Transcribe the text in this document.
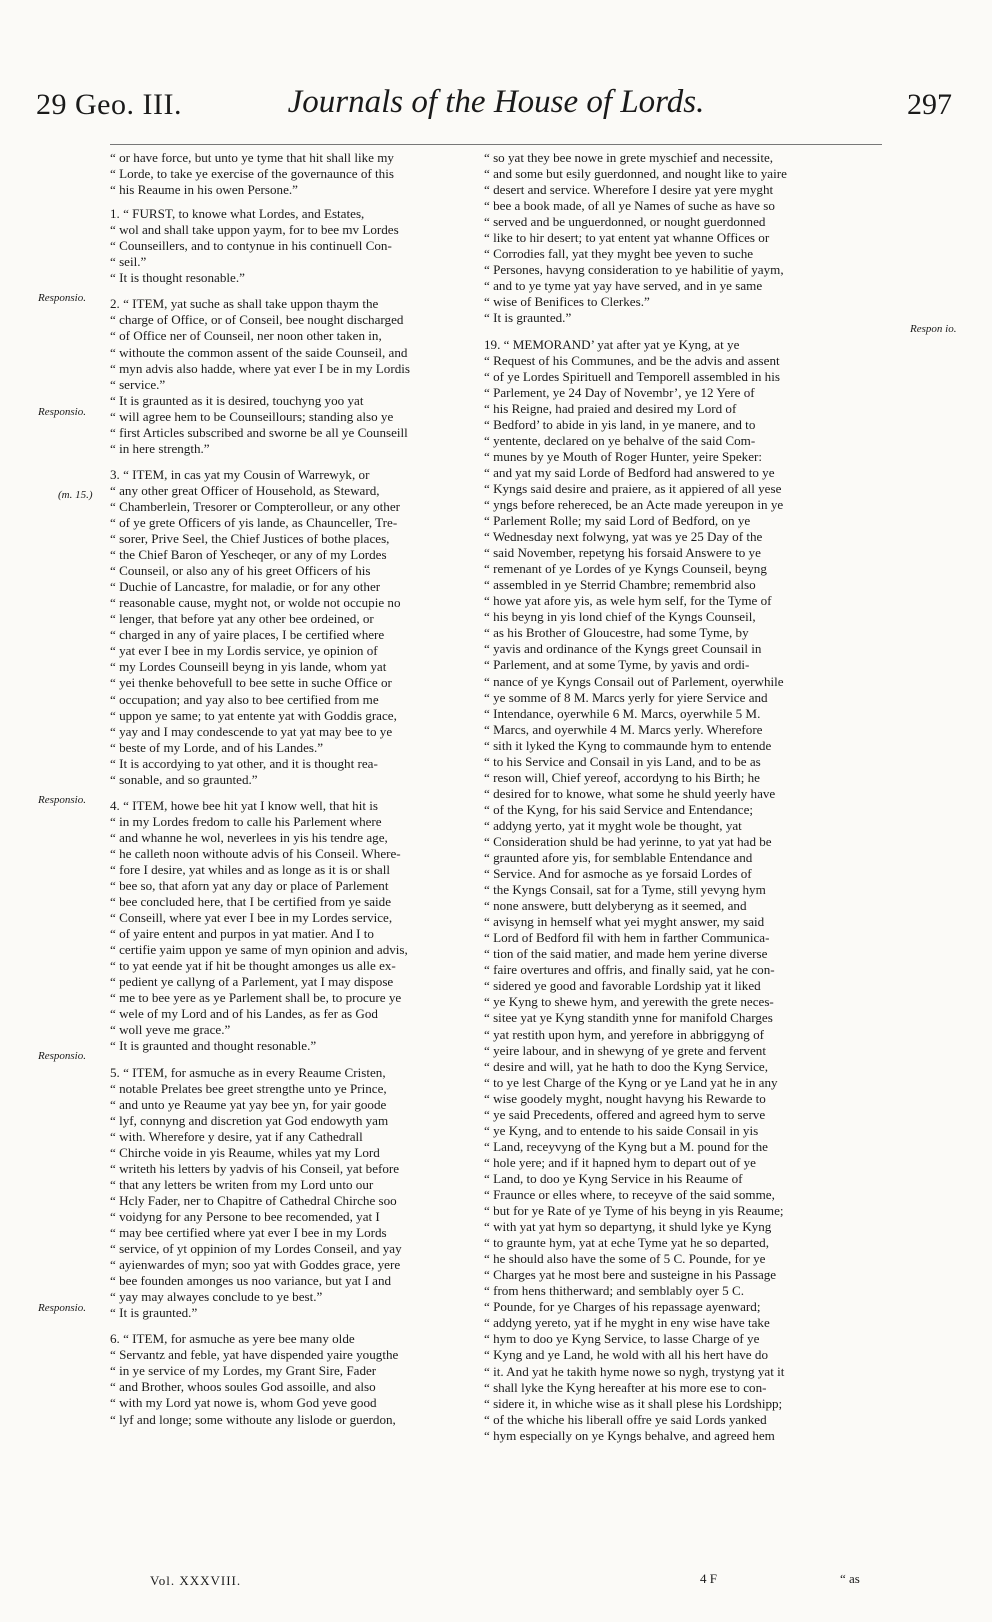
29 Geo. III.	Journals of the House of Lords.	297
Responsio.
Responsio.
(m. 15.)
Responsio.
Responsio.
Responsio.
Respon io.

“ or have force, but unto ye tyme that hit shall like my
“ Lorde, to take ye exercise of the governaunce of this
“ his Reaume in his owen Persone.”

1. “ FURST, to knowe what Lordes, and Estates,
“ wol and shall take uppon yaym, for to bee mv Lordes
“ Counseillers, and to contynue in his continuell Con-
“ seil.”
“ It is thought resonable.”

2. “ ITEM, yat suche as shall take uppon thaym the
“ charge of Office, or of Conseil, bee nought discharged
“ of Office ner of Counseil, ner noon other taken in,
“ withoute the common assent of the saide Counseil, and
“ myn advis also hadde, where yat ever I be in my Lordis
“ service.”
“ It is graunted as it is desired, touchyng yoo yat
“ will agree hem to be Counseillours; standing also ye
“ first Articles subscribed and sworne be all ye Counseill
“ in here strength.”

3. “ ITEM, in cas yat my Cousin of Warrewyk, or
“ any other great Officer of Household, as Steward,
“ Chamberlein, Tresorer or Compterolleur, or any other
“ of ye grete Officers of yis lande, as Chaunceller, Tre-
“ sorer, Prive Seel, the Chief Justices of bothe places,
“ the Chief Baron of Yescheqer, or any of my Lordes
“ Counseil, or also any of his greet Officers of his
“ Duchie of Lancastre, for maladie, or for any other
“ reasonable cause, myght not, or wolde not occupie no
“ lenger, that before yat any other bee ordeined, or
“ charged in any of yaire places, I be certified where
“ yat ever I bee in my Lordis service, ye opinion of
“ my Lordes Counseill beyng in yis lande, whom yat
“ yei thenke behovefull to bee sette in suche Office or
“ occupation; and yay also to bee certified from me
“ uppon ye same; to yat entente yat with Goddis grace,
“ yay and I may condescende to yat yat may bee to ye
“ beste of my Lorde, and of his Landes.”
“ It is accordying to yat other, and it is thought rea-
“ sonable, and so graunted.”

4. “ ITEM, howe bee hit yat I know well, that hit is
“ in my Lordes fredom to calle his Parlement where
“ and whanne he wol, neverlees in yis his tendre age,
“ he calleth noon withoute advis of his Conseil. Where-
“ fore I desire, yat whiles and as longe as it is or shall
“ bee so, that aforn yat any day or place of Parlement
“ bee concluded here, that I be certified from ye saide
“ Conseill, where yat ever I bee in my Lordes service,
“ of yaire entent and purpos in yat matier. And I to
“ certifie yaim uppon ye same of myn opinion and advis,
“ to yat eende yat if hit be thought amonges us alle ex-
“ pedient ye callyng of a Parlement, yat I may dispose
“ me to bee yere as ye Parlement shall be, to procure ye
“ wele of my Lord and of his Landes, as fer as God
“ woll yeve me grace.”
“ It is graunted and thought resonable.”

5. “ ITEM, for asmuche as in every Reaume Cristen,
“ notable Prelates bee greet strengthe unto ye Prince,
“ and unto ye Reaume yat yay bee yn, for yair goode
“ lyf, connyng and discretion yat God endowyth yam
“ with. Wherefore y desire, yat if any Cathedrall
“ Chirche voide in yis Reaume, whiles yat my Lord
“ writeth his letters by yadvis of his Conseil, yat before
“ that any letters be writen from my Lord unto our
“ Hcly Fader, ner to Chapitre of Cathedral Chirche soo
“ voidyng for any Persone to bee recomended, yat I
“ may bee certified where yat ever I bee in my Lords
“ service, of yt oppinion of my Lordes Conseil, and yay
“ ayienwardes of myn; soo yat with Goddes grace, yere
“ bee founden amonges us noo variance, but yat I and
“ yay may alwayes conclude to ye best.”
“ It is graunted.”

6. “ ITEM, for asmuche as yere bee many olde
“ Servantz and feble, yat have dispended yaire yougthe
“ in ye service of my Lordes, my Grant Sire, Fader
“ and Brother, whoos soules God assoille, and also
“ with my Lord yat nowe is, whom God yeve good
“ lyf and longe; some withoute any lislode or guerdon,

“ so yat they bee nowe in grete myschief and necessite,
“ and some but esily guerdonned, and nought like to yaire
“ desert and service. Wherefore I desire yat yere myght
“ bee a book made, of all ye Names of suche as have so
“ served and be unguerdonned, or nought guerdonned
“ like to hir desert; to yat entent yat whanne Offices or
“ Corrodies fall, yat they myght bee yeven to suche
“ Persones, havyng consideration to ye habilitie of yaym,
“ and to ye tyme yat yay have served, and in ye same
“ wise of Benifices to Clerkes.”
“ It is graunted.”

19. “ MEMORAND’ yat after yat ye Kyng, at ye
“ Request of his Communes, and be the advis and assent
“ of ye Lordes Spirituell and Temporell assembled in his
“ Parlement, ye 24 Day of Novembr’, ye 12 Yere of
“ his Reigne, had praied and desired my Lord of
“ Bedford’ to abide in yis land, in ye manere, and to
“ yentente, declared on ye behalve of the said Com-
“ munes by ye Mouth of Roger Hunter, yeire Speker:
“ and yat my said Lorde of Bedford had answered to ye
“ Kyngs said desire and praiere, as it appiered of all yese
“ yngs before rehereced, be an Acte made yereupon in ye
“ Parlement Rolle; my said Lord of Bedford, on ye
“ Wednesday next folwyng, yat was ye 25 Day of the
“ said November, repetyng his forsaid Answere to ye
“ remenant of ye Lordes of ye Kyngs Counseil, beyng
“ assembled in ye Sterrid Chambre; remembrid also
“ howe yat afore yis, as wele hym self, for the Tyme of
“ his beyng in yis lond chief of the Kyngs Counseil,
“ as his Brother of Gloucestre, had some Tyme, by
“ yavis and ordinance of the Kyngs greet Counsail in
“ Parlement, and at some Tyme, by yavis and ordi-
“ nance of ye Kyngs Consail out of Parlement, oyerwhile
“ ye somme of 8 M. Marcs yerly for yiere Service and
“ Intendance, oyerwhile 6 M. Marcs, oyerwhile 5 M.
“ Marcs, and oyerwhile 4 M. Marcs yerly. Wherefore
“ sith it lyked the Kyng to commaunde hym to entende
“ to his Service and Consail in yis Land, and to be as
“ reson will, Chief yereof, accordyng to his Birth; he
“ desired for to knowe, what some he shuld yeerly have
“ of the Kyng, for his said Service and Entendance;
“ addyng yerto, yat it myght wole be thought, yat
“ Consideration shuld be had yerinne, to yat yat had be
“ graunted afore yis, for semblable Entendance and
“ Service. And for asmoche as ye forsaid Lordes of
“ the Kyngs Consail, sat for a Tyme, still yevyng hym
“ none answere, butt delyberyng as it seemed, and
“ avisyng in hemself what yei myght answer, my said
“ Lord of Bedford fil with hem in farther Communica-
“ tion of the said matier, and made hem yerine diverse
“ faire overtures and offris, and finally said, yat he con-
“ sidered ye good and favorable Lordship yat it liked
“ ye Kyng to shewe hym, and yerewith the grete neces-
“ sitee yat ye Kyng standith ynne for manifold Charges
“ yat restith upon hym, and yerefore in abbriggyng of
“ yeire labour, and in shewyng of ye grete and fervent
“ desire and will, yat he hath to doo the Kyng Service,
“ to ye lest Charge of the Kyng or ye Land yat he in any
“ wise goodely myght, nought havyng his Rewarde to
“ ye said Precedents, offered and agreed hym to serve
“ ye Kyng, and to entende to his saide Consail in yis
“ Land, receyvyng of the Kyng but a M. pound for the
“ hole yere; and if it hapned hym to depart out of ye
“ Land, to doo ye Kyng Service in his Reaume of
“ Fraunce or elles where, to receyve of the said somme,
“ but for ye Rate of ye Tyme of his beyng in yis Reaume;
“ with yat yat hym so departyng, it shuld lyke ye Kyng
“ to graunte hym, yat at eche Tyme yat he so departed,
“ he should also have the some of 5 C. Pounde, for ye
“ Charges yat he most bere and susteigne in his Passage
“ from hens thitherward; and semblably oyer 5 C.
“ Pounde, for ye Charges of his repassage ayenward;
“ addyng yereto, yat if he myght in eny wise have take
“ hym to doo ye Kyng Service, to lasse Charge of ye
“ Kyng and ye Land, he wold with all his hert have do
“ it. And yat he takith hyme nowe so nygh, trystyng yat it
“ shall lyke the Kyng hereafter at his more ese to con-
“ sidere it, in whiche wise as it shall plese his Lordshipp;
“ of the whiche his liberall offre ye said Lords yanked
“ hym especially on ye Kyngs behalve, and agreed hem

Vol. XXXVIII.	4 F	“ as
